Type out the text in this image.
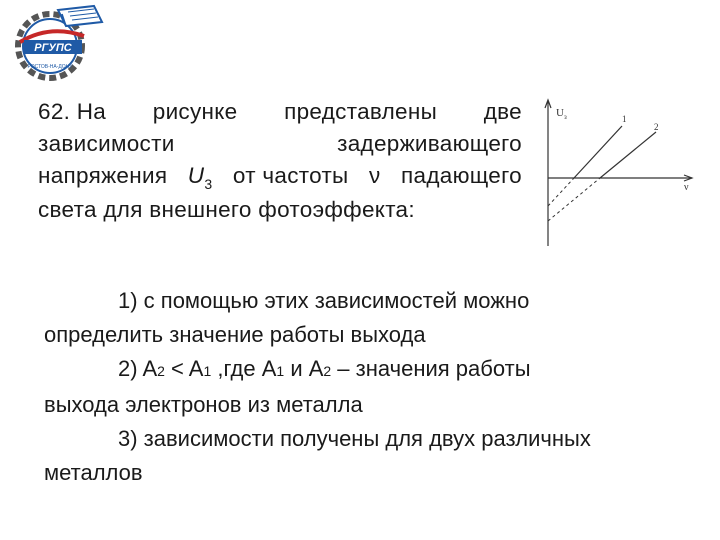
РГУПС
РОСТОВ-НА-ДОНУ
62. На рисунке представлены две
зависимости	задерживающего
напряжения $U_3$ от частоты ν падающего
света для внешнего фотоэффекта:
$U_з$
ν
1
2
1) с помощью этих зависимостей можно
определить значение работы выхода
2) A2 < A1 ,где A1 и A2 – значения работы
выхода электронов из металла
3) зависимости получены для двух различных
металлов
